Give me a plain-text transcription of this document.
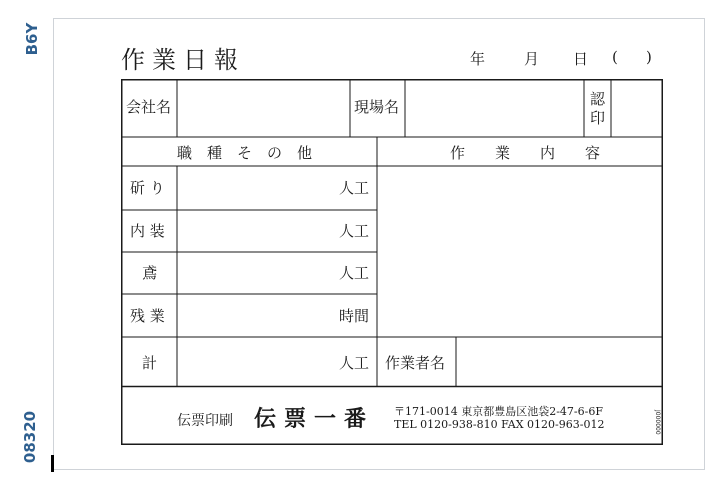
B6Y
08320
作業日報	年	月 日 ( )
会社名	現場名	認
印
職　種　そ　の　他	作　　業　　内　　容
斫 り	人工
内 装	人工
鳶	人工
残 業	時間
計	人工 作業者名
伝票印刷 伝票一番 〒171-0014 東京都豊島区池袋2-47-6-6F
TEL 0120-938-810 FAX 0120-963-012	J000000
